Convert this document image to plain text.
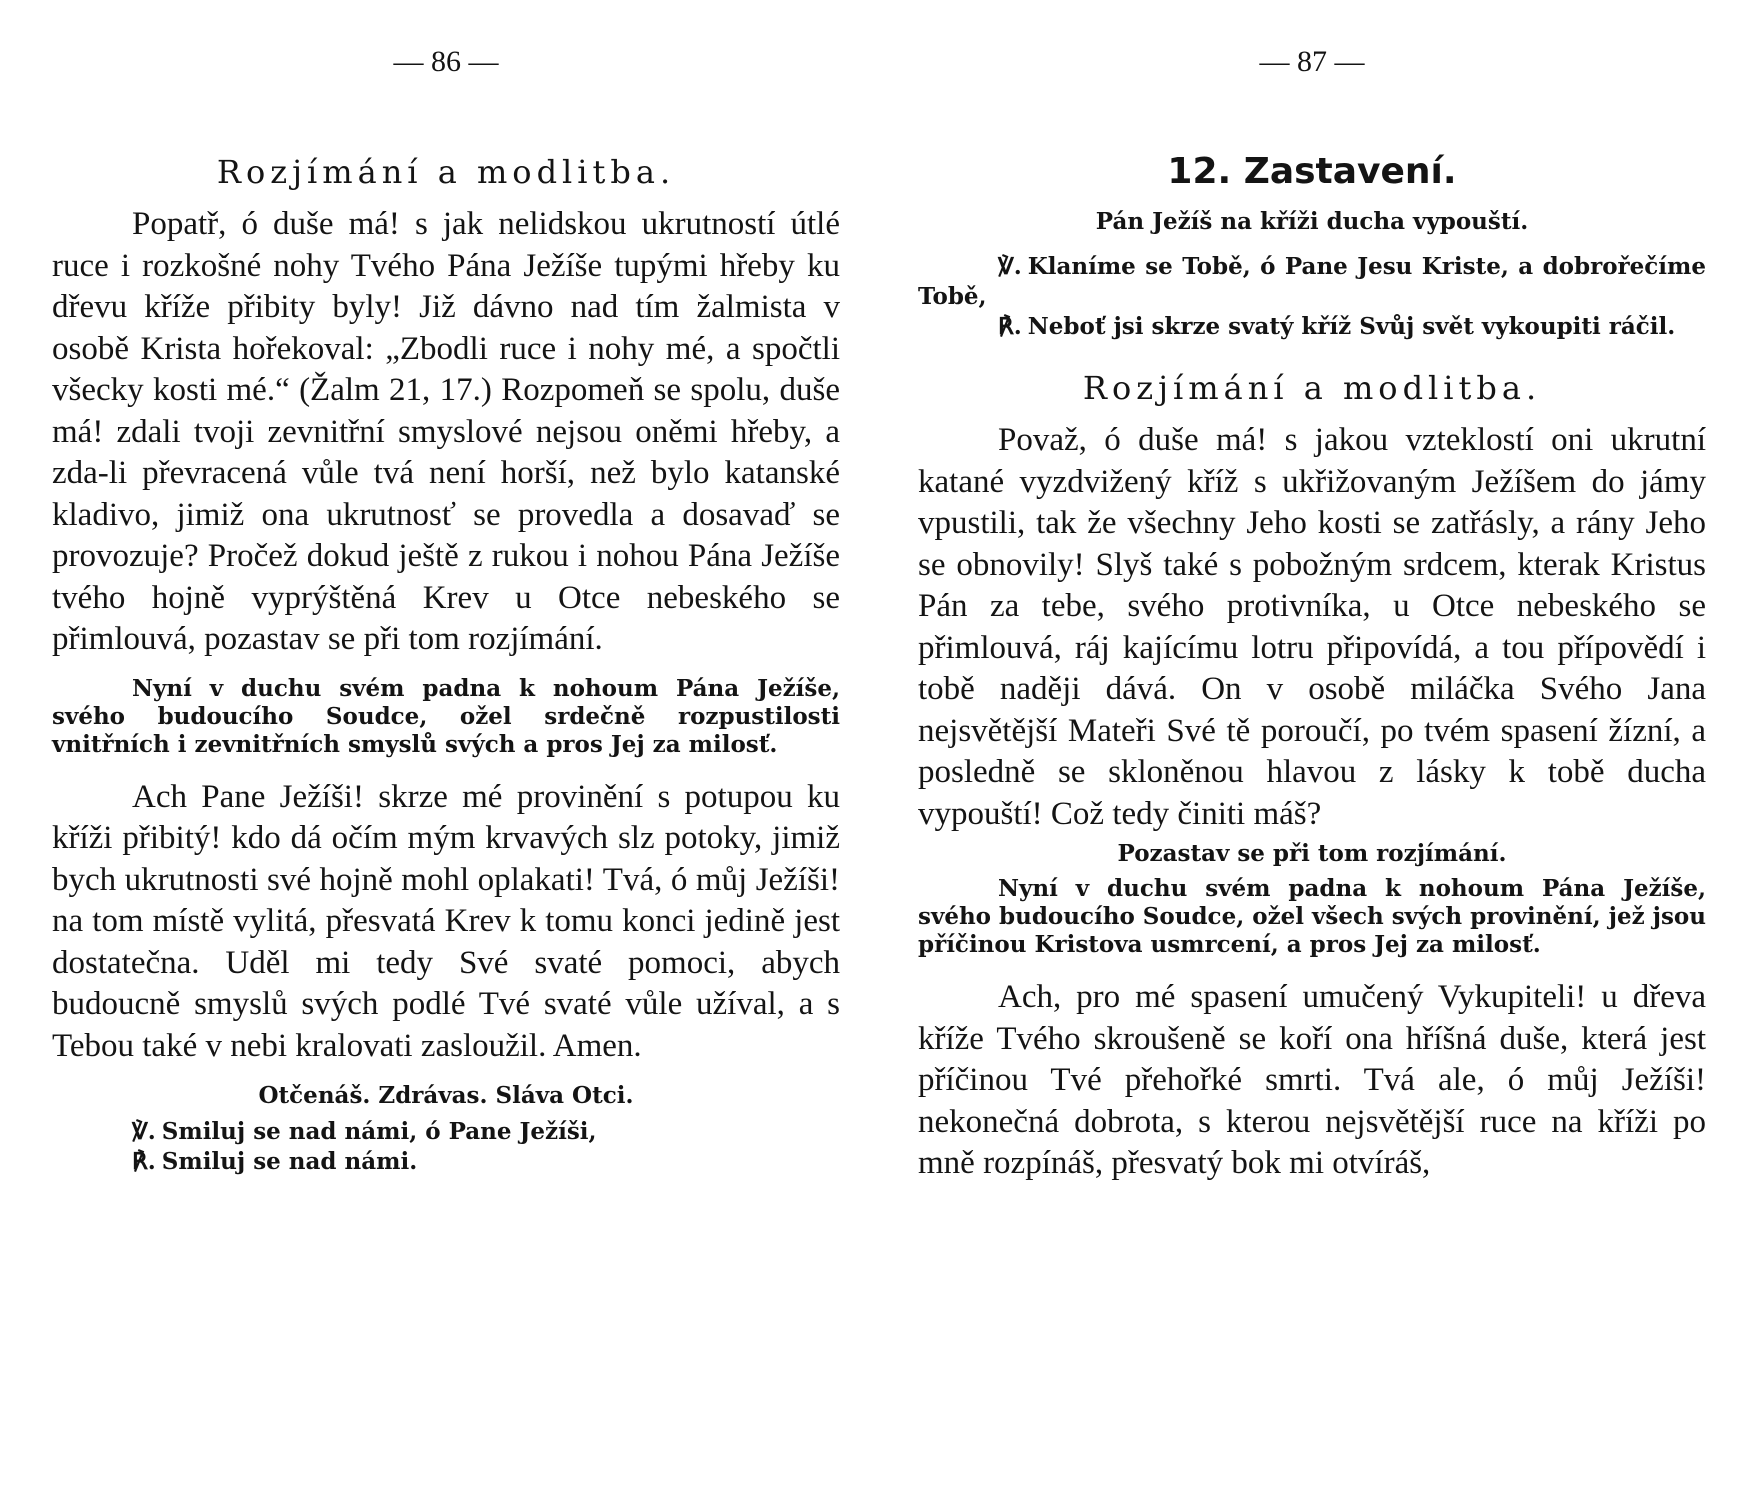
— 86 —
Rozjímání a modlitba.

Popatř, ó duše má! s jak nelidskou ukrutností útlé ruce i rozkošné nohy Tvého Pána Ježíše tupými hřeby ku dřevu kříže přibity byly! Již dávno nad tím žalmista v osobě Krista hořekoval: „Zbodli ruce i nohy mé, a spočtli všecky kosti mé.“ (Žalm 21, 17.) Rozpomeň se spolu, duše má! zdali tvoji zevnitřní smyslové nejsou oněmi hřeby, a zda-li převracená vůle tvá není horší, než bylo katanské kladivo, jimiž ona ukrutnosť se provedla a dosavaď se provozuje? Pročež dokud ještě z rukou i nohou Pána Ježíše tvého hojně vyprýštěná Krev u Otce nebeského se přimlouvá, pozastav se při tom rozjímání.

Nyní v duchu svém padna k nohoum Pána Ježíše, svého budoucího Soudce, ožel srdečně rozpustilosti vnitřních i zevnitřních smyslů svých a pros Jej za milosť.

Ach Pane Ježíši! skrze mé provinění s potupou ku kříži přibitý! kdo dá očím mým krvavých slz potoky, jimiž bych ukrutnosti své hojně mohl oplakati! Tvá, ó můj Ježíši! na tom místě vylitá, přesvatá Krev k tomu konci jedině jest dostatečna. Uděl mi tedy Své svaté pomoci, abych budoucně smyslů svých podlé Tvé svaté vůle užíval, a s Tebou také v nebi kralovati zasloužil. Amen.

Otčenáš. Zdrávas. Sláva Otci.

℣. Smiluj se nad námi, ó Pane Ježíši,

℟. Smiluj se nad námi.

— 87 —
12. Zastavení.

Pán Ježíš na kříži ducha vypouští.

℣. Klaníme se Tobě, ó Pane Jesu Kriste, a dobrořečíme Tobě,

℟. Neboť jsi skrze svatý kříž Svůj svět vykoupiti ráčil.

Rozjímání a modlitba.

Považ, ó duše má! s jakou vzteklostí oni ukrutní katané vyzdvižený kříž s ukřižovaným Ježíšem do jámy vpustili, tak že všechny Jeho kosti se zatřásly, a rány Jeho se obnovily! Slyš také s pobožným srdcem, kterak Kristus Pán za tebe, svého protivníka, u Otce nebeského se přimlouvá, ráj kajícímu lotru připovídá, a tou přípovědí i tobě naději dává. On v osobě miláčka Svého Jana nejsvětější Mateři Své tě poroučí, po tvém spasení žízní, a posledně se skloněnou hlavou z lásky k tobě ducha vypouští! Což tedy činiti máš?

Pozastav se při tom rozjímání.

Nyní v duchu svém padna k nohoum Pána Ježíše, svého budoucího Soudce, ožel všech svých provinění, jež jsou příčinou Kristova usmrcení, a pros Jej za milosť.

Ach, pro mé spasení umučený Vykupiteli! u dřeva kříže Tvého skroušeně se koří ona hříšná duše, která jest příčinou Tvé přehořké smrti. Tvá ale, ó můj Ježíši! nekonečná dobrota, s kterou nejsvětější ruce na kříži po mně rozpínáš, přesvatý bok mi otvíráš,
